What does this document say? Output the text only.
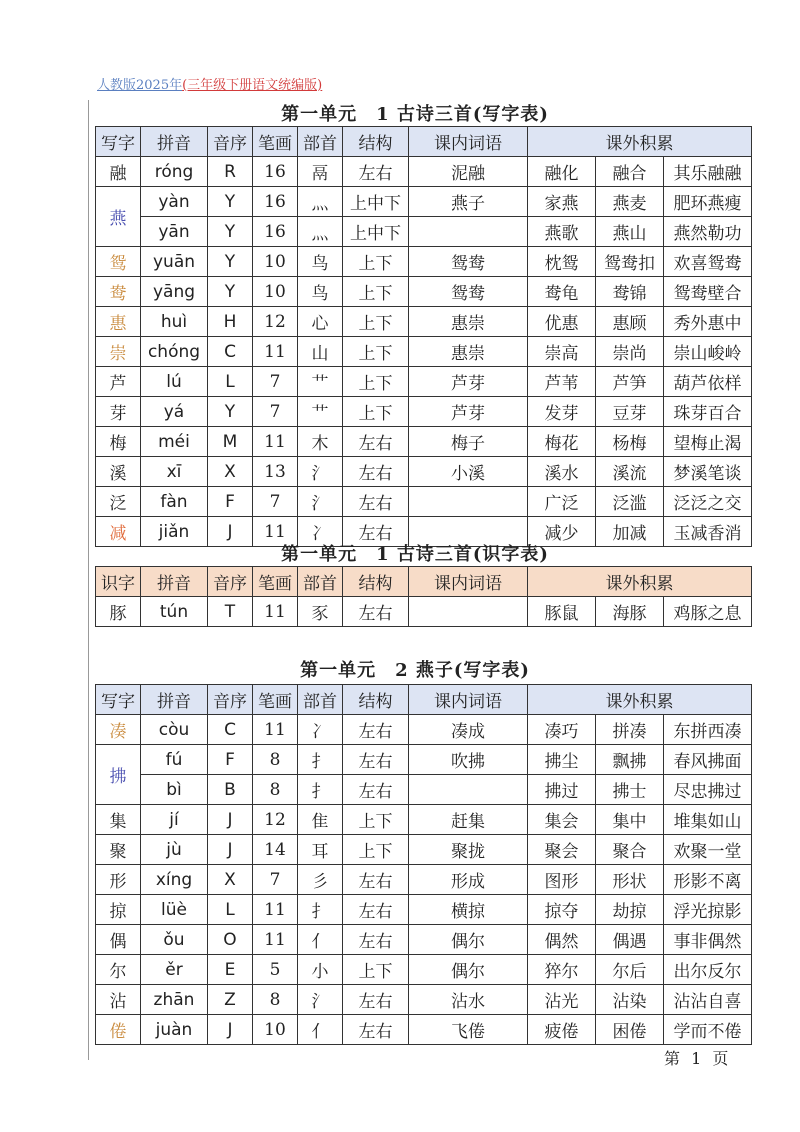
人教版2025年(三年级下册语文统编版)
第一单元　1 古诗三首(写字表)
写字	拼音	音序	笔画	部首	结构	课内词语	课外积累		
融	róng	R	16	鬲	左右	泥融	融化	融合	其乐融融
燕	yàn	Y	16	灬	上中下	燕子	家燕	燕麦	肥环燕瘦
	yān	Y	16	灬	上中下		燕歌	燕山	燕然勒功
鸳	yuān	Y	10	鸟	上下	鸳鸯	枕鸳	鸳鸯扣	欢喜鸳鸯
鸯	yāng	Y	10	鸟	上下	鸳鸯	鸯龟	鸯锦	鸳鸯壁合
惠	huì	H	12	心	上下	惠崇	优惠	惠顾	秀外惠中
崇	chóng	C	11	山	上下	惠崇	崇高	崇尚	崇山峻岭
芦	lú	L	7	艹	上下	芦芽	芦苇	芦笋	葫芦依样
芽	yá	Y	7	艹	上下	芦芽	发芽	豆芽	珠芽百合
梅	méi	M	11	木	左右	梅子	梅花	杨梅	望梅止渴
溪	xī	X	13	氵	左右	小溪	溪水	溪流	梦溪笔谈
泛	fàn	F	7	氵	左右		广泛	泛滥	泛泛之交
减	jiǎn	J	11	冫	左右		减少	加减	玉减香消
第一单元　1 古诗三首(识字表)
识字	拼音	音序	笔画	部首	结构	课内词语	课外积累		
豚	tún	T	11	豕	左右		豚鼠	海豚	鸡豚之息
第一单元　2 燕子(写字表)
写字	拼音	音序	笔画	部首	结构	课内词语	课外积累		
凑	còu	C	11	冫	左右	凑成	凑巧	拼凑	东拼西凑
拂	fú	F	8	扌	左右	吹拂	拂尘	飘拂	春风拂面
	bì	B	8	扌	左右		拂过	拂士	尽忠拂过
集	jí	J	12	隹	上下	赶集	集会	集中	堆集如山
聚	jù	J	14	耳	上下	聚拢	聚会	聚合	欢聚一堂
形	xíng	X	7	彡	左右	形成	图形	形状	形影不离
掠	lüè	L	11	扌	左右	横掠	掠夺	劫掠	浮光掠影
偶	ǒu	O	11	亻	左右	偶尔	偶然	偶遇	事非偶然
尔	ěr	E	5	小	上下	偶尔	猝尔	尔后	出尔反尔
沾	zhān	Z	8	氵	左右	沾水	沾光	沾染	沾沾自喜
倦	juàn	J	10	亻	左右	飞倦	疲倦	困倦	学而不倦
第 1 页
